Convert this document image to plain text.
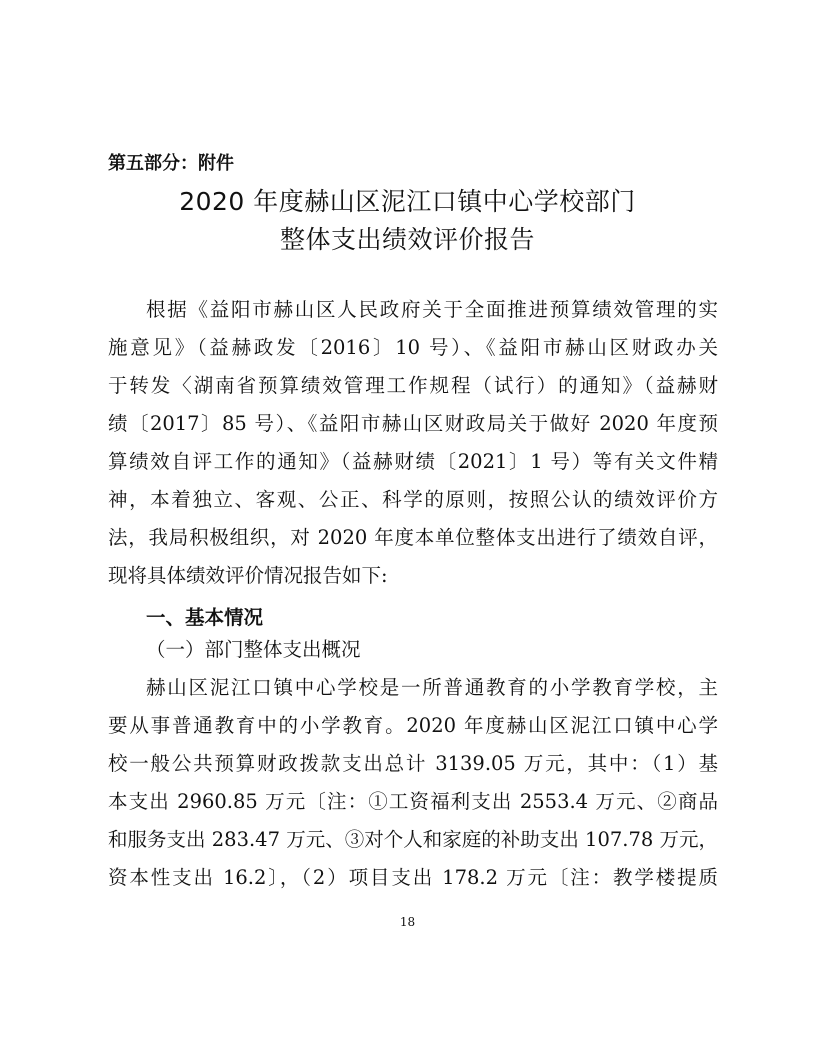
第五部分：附件
2020 年度赫山区泥江口镇中心学校部门
整体支出绩效评价报告
根据《益阳市赫山区人民政府关于全面推进预算绩效管理的实
施意见》（益赫政发〔2016〕10 号）、《益阳市赫山区财政办关
于转发〈湖南省预算绩效管理工作规程（试行）的通知》（益赫财
绩〔2017〕85 号）、《益阳市赫山区财政局关于做好 2020 年度预
算绩效自评工作的通知》（益赫财绩〔2021〕1 号）等有关文件精
神，本着独立、客观、公正、科学的原则，按照公认的绩效评价方
法，我局积极组织，对 2020 年度本单位整体支出进行了绩效自评，
现将具体绩效评价情况报告如下:
一、基本情况
（一）部门整体支出概况
赫山区泥江口镇中心学校是一所普通教育的小学教育学校，主
要从事普通教育中的小学教育。2020 年度赫山区泥江口镇中心学
校一般公共预算财政拨款支出总计 3139.05 万元，其中：（1）基
本支出 2960.85 万元〔注：①工资福利支出 2553.4 万元、②商品
和服务支出 283.47 万元、③对个人和家庭的补助支出 107.78 万元，
资本性支出 16.2〕，（2）项目支出 178.2 万元〔注：教学楼提质
18
